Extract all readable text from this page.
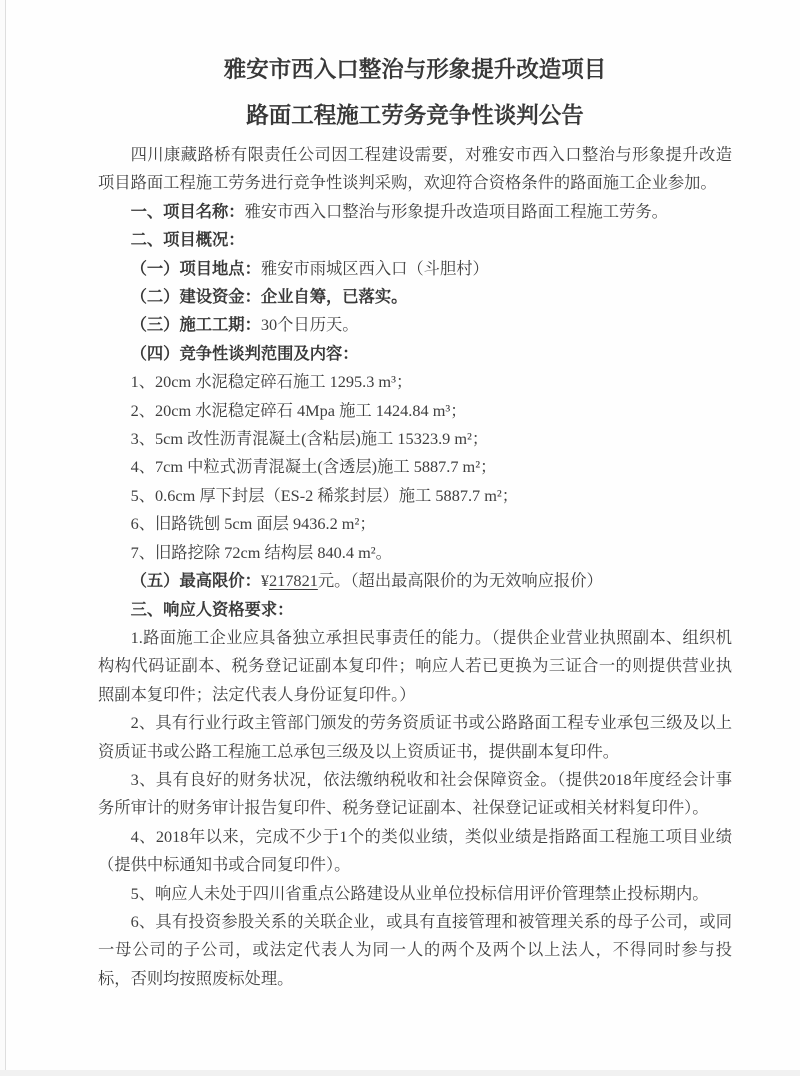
雅安市西入口整治与形象提升改造项目
路面工程施工劳务竞争性谈判公告

四川康藏路桥有限责任公司因工程建设需要，对雅安市西入口整治与形象提升改造项目路面工程施工劳务进行竞争性谈判采购，欢迎符合资格条件的路面施工企业参加。

一、项目名称：雅安市西入口整治与形象提升改造项目路面工程施工劳务。

二、项目概况：

（一）项目地点：雅安市雨城区西入口（斗胆村）

（二）建设资金：企业自筹，已落实。

（三）施工工期：30个日历天。

（四）竞争性谈判范围及内容：

1、20cm 水泥稳定碎石施工 1295.3 m³；

2、20cm 水泥稳定碎石 4Mpa 施工 1424.84 m³；

3、5cm 改性沥青混凝土(含粘层)施工 15323.9 m²；

4、7cm 中粒式沥青混凝土(含透层)施工 5887.7 m²；

5、0.6cm 厚下封层（ES-2 稀浆封层）施工 5887.7 m²；

6、旧路铣刨 5cm 面层 9436.2 m²；

7、旧路挖除 72cm 结构层 840.4 m²。

（五）最高限价：¥217821元。（超出最高限价的为无效响应报价）

三、响应人资格要求：

1.路面施工企业应具备独立承担民事责任的能力。（提供企业营业执照副本、组织机构构代码证副本、税务登记证副本复印件；响应人若已更换为三证合一的则提供营业执照副本复印件；法定代表人身份证复印件。）

2、具有行业行政主管部门颁发的劳务资质证书或公路路面工程专业承包三级及以上资质证书或公路工程施工总承包三级及以上资质证书，提供副本复印件。

3、具有良好的财务状况，依法缴纳税收和社会保障资金。（提供2018年度经会计事务所审计的财务审计报告复印件、税务登记证副本、社保登记证或相关材料复印件）。

4、2018年以来，完成不少于1个的类似业绩，类似业绩是指路面工程施工项目业绩（提供中标通知书或合同复印件）。

5、响应人未处于四川省重点公路建设从业单位投标信用评价管理禁止投标期内。

6、具有投资参股关系的关联企业，或具有直接管理和被管理关系的母子公司，或同一母公司的子公司，或法定代表人为同一人的两个及两个以上法人，不得同时参与投标，否则均按照废标处理。
